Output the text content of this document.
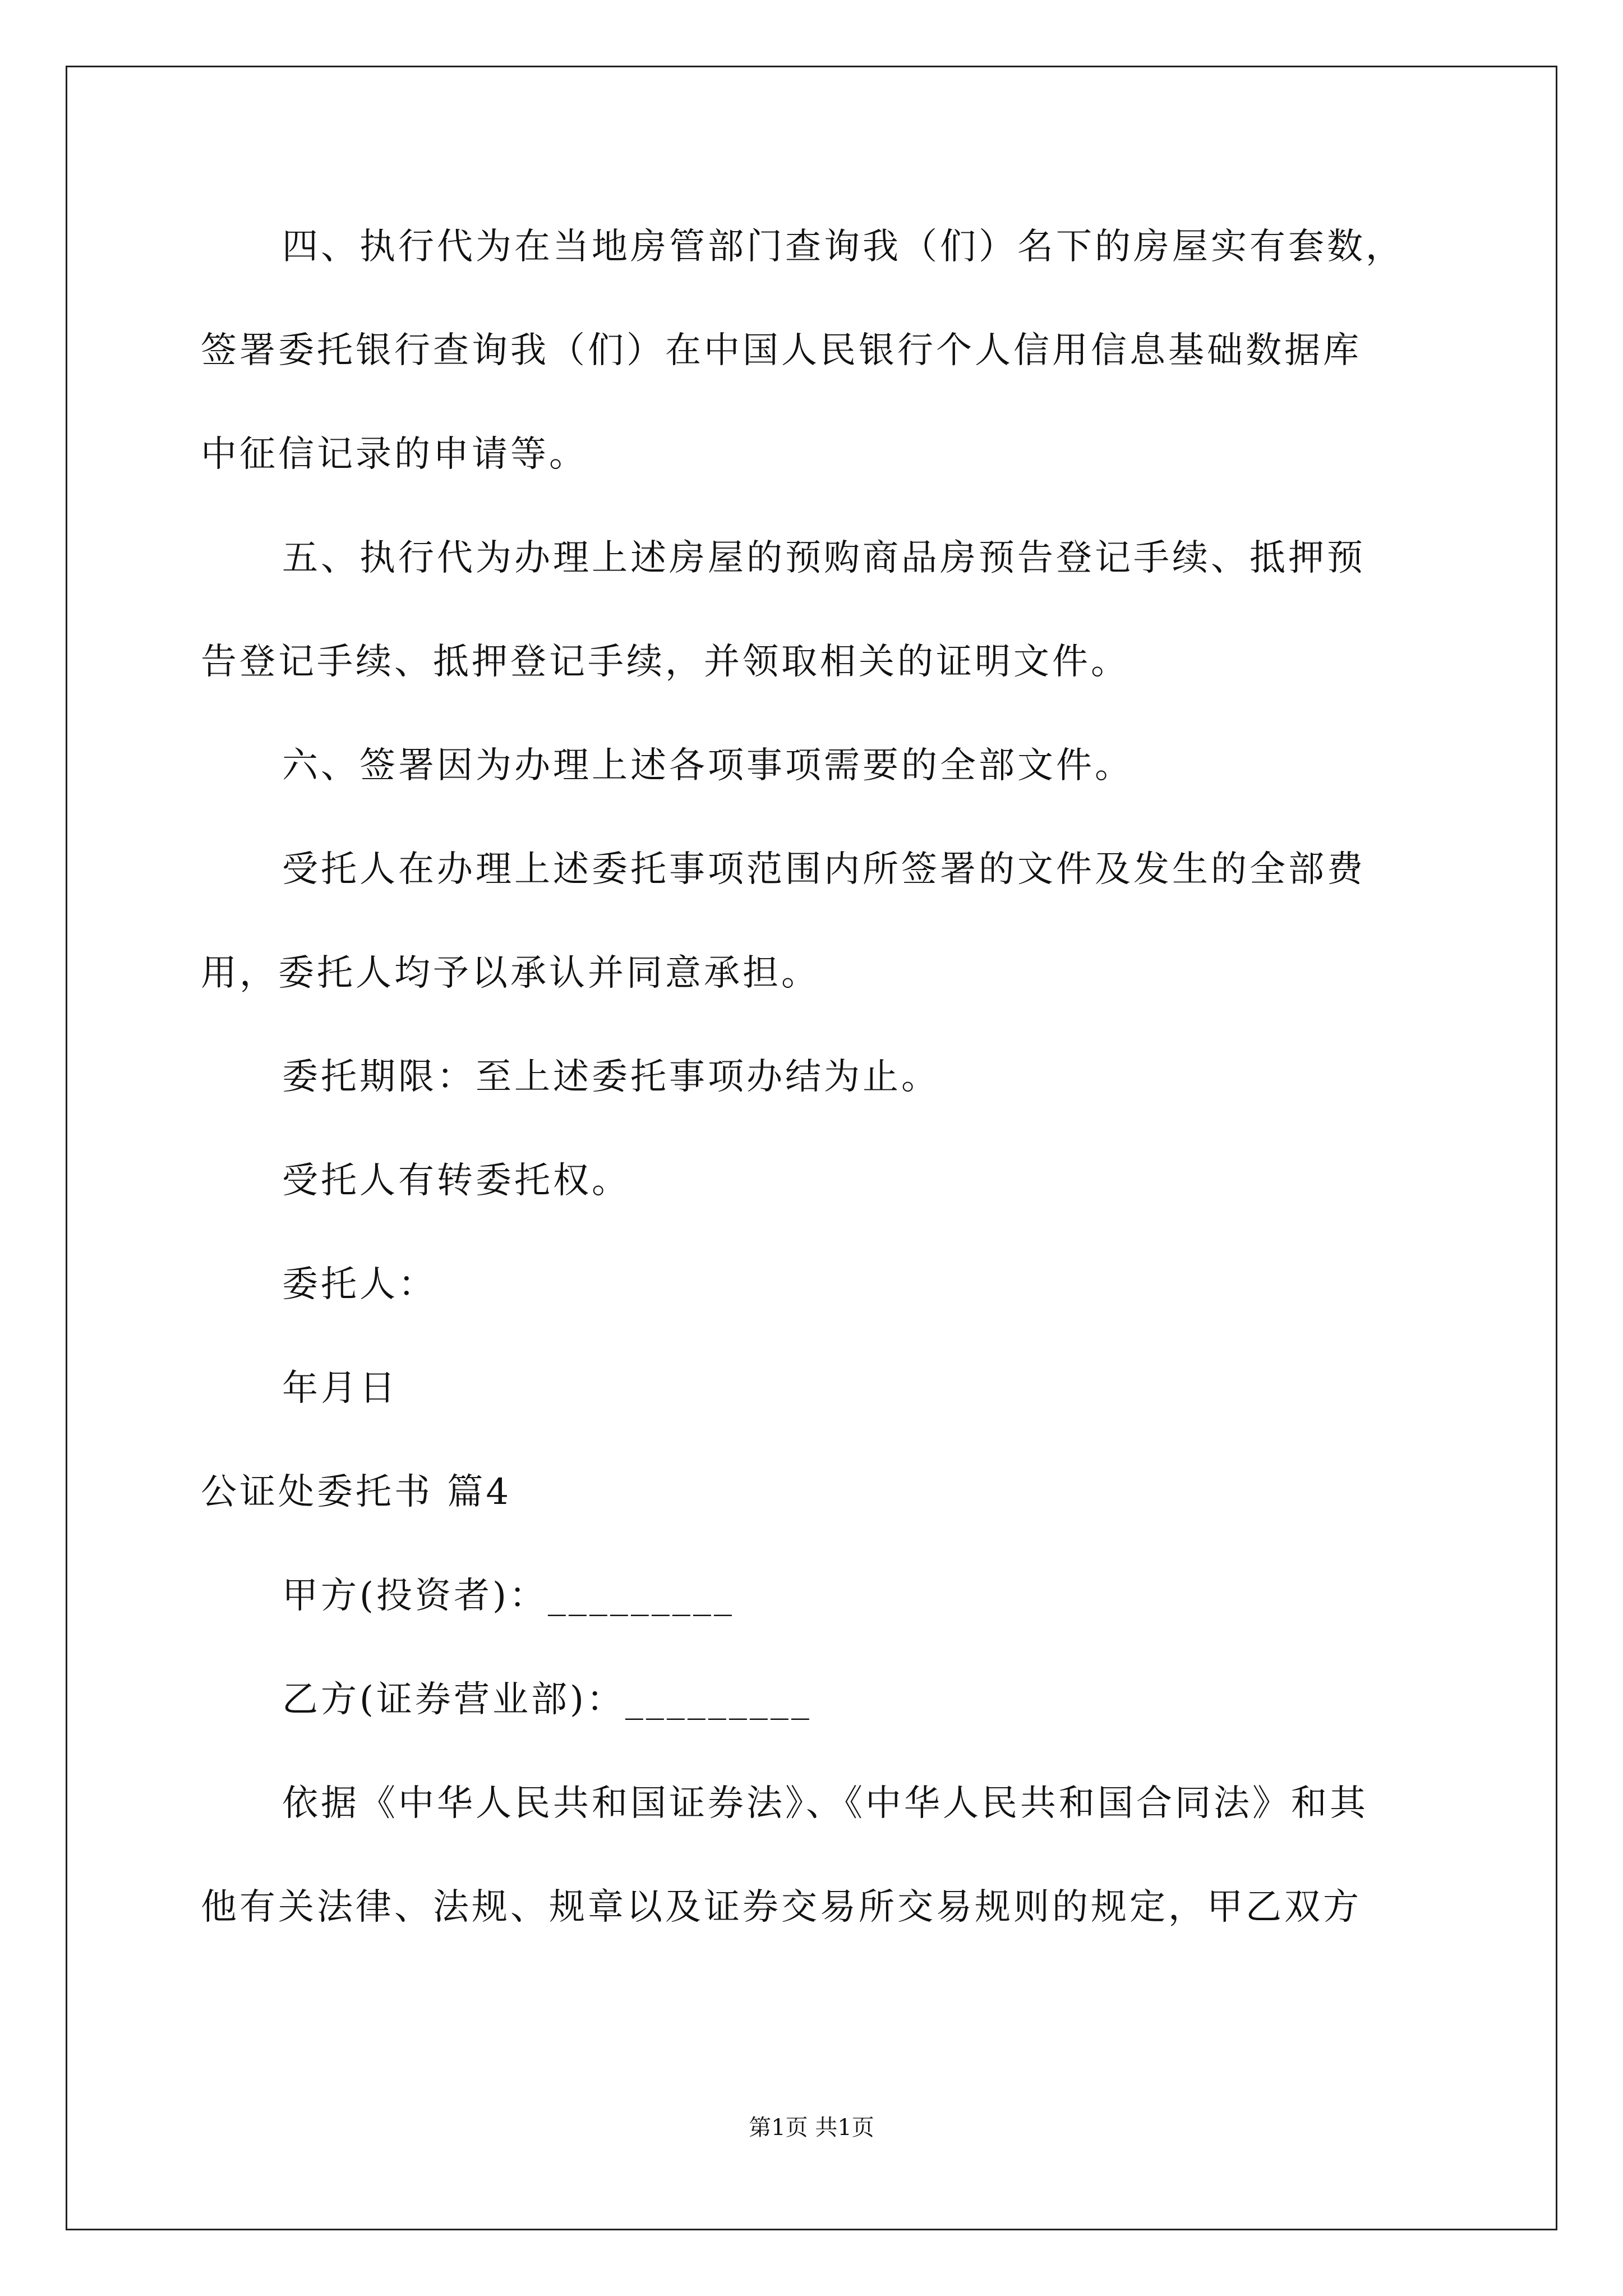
四、执行代为在当地房管部门查询我（们）名下的房屋实有套数，
签署委托银行查询我（们）在中国人民银行个人信用信息基础数据库
中征信记录的申请等。
五、执行代为办理上述房屋的预购商品房预告登记手续、抵押预
告登记手续、抵押登记手续，并领取相关的证明文件。
六、签署因为办理上述各项事项需要的全部文件。
受托人在办理上述委托事项范围内所签署的文件及发生的全部费
用，委托人均予以承认并同意承担。
委托期限：至上述委托事项办结为止。
受托人有转委托权。
委托人：
年月日
公证处委托书 篇4
甲方(投资者)：_________
乙方(证券营业部)：_________
依据《中华人民共和国证券法》、《中华人民共和国合同法》和其
他有关法律、法规、规章以及证券交易所交易规则的规定，甲乙双方
第1页 共1页
